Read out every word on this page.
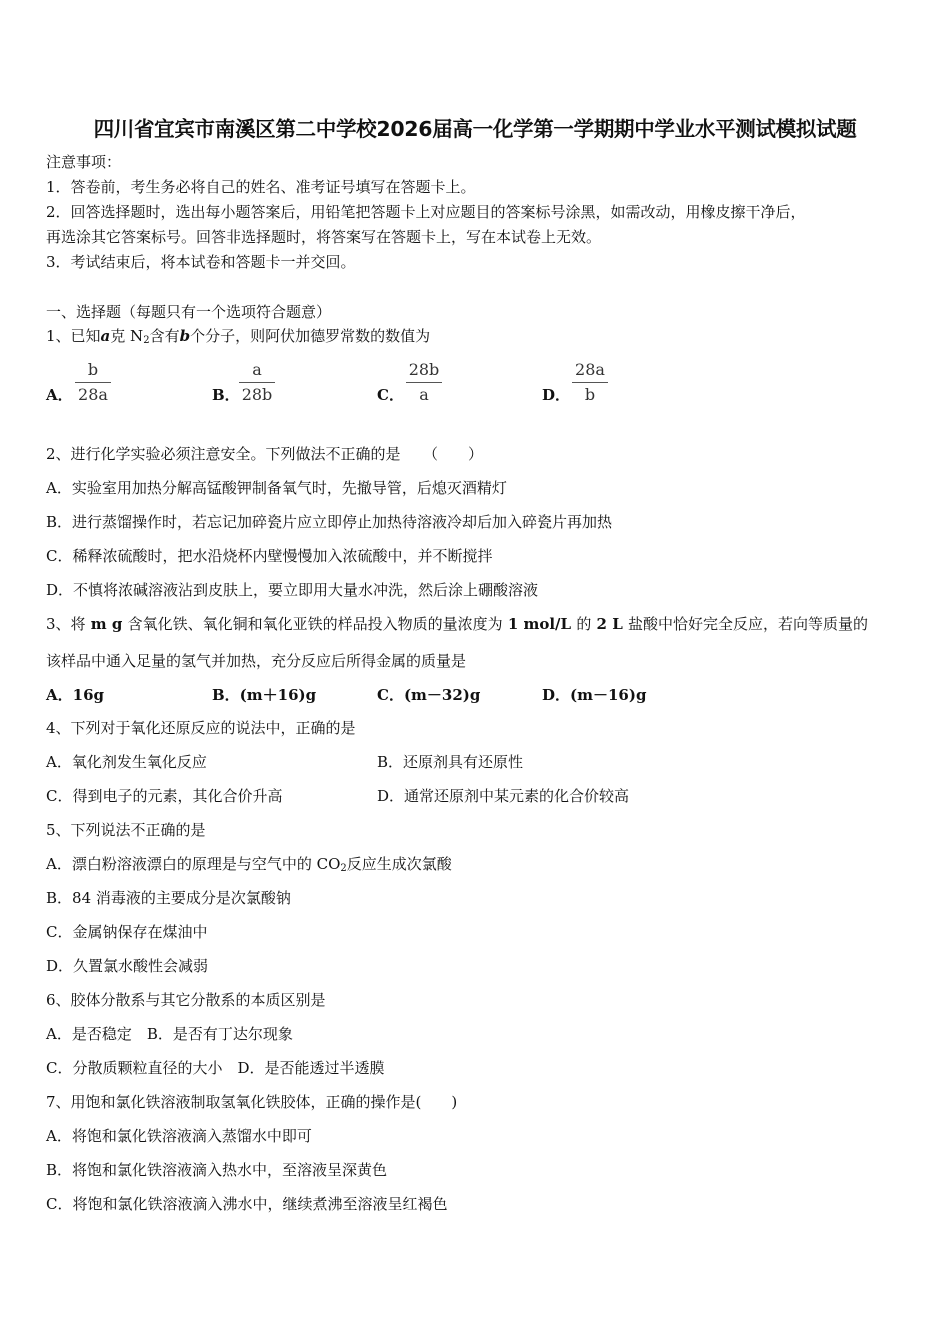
四川省宜宾市南溪区第二中学校2026届高一化学第一学期期中学业水平测试模拟试题
注意事项：
1．答卷前，考生务必将自己的姓名、准考证号填写在答题卡上。
2．回答选择题时，选出每小题答案后，用铅笔把答题卡上对应题目的答案标号涂黑，如需改动，用橡皮擦干净后，
再选涂其它答案标号。回答非选择题时，将答案写在答题卡上，写在本试卷上无效。
3．考试结束后，将本试卷和答题卡一并交回。
一、选择题（每题只有一个选项符合题意）
1、已知a克 $N_2$含有b个分子，则阿伏加德罗常数的数值为
A．
b
28a	B．
a
28b	C．
28b
a	D．
28a
b
2、进行化学实验必须注意安全。下列做法不正确的是　　（　　）
A．实验室用加热分解高锰酸钾制备氧气时，先撤导管，后熄灭酒精灯
B．进行蒸馏操作时，若忘记加碎瓷片应立即停止加热待溶液冷却后加入碎瓷片再加热
C．稀释浓硫酸时，把水沿烧杯内壁慢慢加入浓硫酸中，并不断搅拌
D．不慎将浓碱溶液沾到皮肤上，要立即用大量水冲洗，然后涂上硼酸溶液
3、将 m g 含氧化铁、氧化铜和氧化亚铁的样品投入物质的量浓度为 1 mol/L 的 2 L 盐酸中恰好完全反应，若向等质量的
该样品中通入足量的氢气并加热，充分反应后所得金属的质量是
A．16g	B．(m＋16)g	C．(m－32)g	D．(m－16)g
4、下列对于氧化还原反应的说法中，正确的是
A．氧化剂发生氧化反应	B．还原剂具有还原性
C．得到电子的元素，其化合价升高	D．通常还原剂中某元素的化合价较高
5、下列说法不正确的是
A．漂白粉溶液漂白的原理是与空气中的 $CO_2$反应生成次氯酸
B．84 消毒液的主要成分是次氯酸钠
C．金属钠保存在煤油中
D．久置氯水酸性会减弱
6、胶体分散系与其它分散系的本质区别是
A．是否稳定　B．是否有丁达尔现象
C．分散质颗粒直径的大小　D．是否能透过半透膜
7、用饱和氯化铁溶液制取氢氧化铁胶体，正确的操作是(　　)
A．将饱和氯化铁溶液滴入蒸馏水中即可
B．将饱和氯化铁溶液滴入热水中，至溶液呈深黄色
C．将饱和氯化铁溶液滴入沸水中，继续煮沸至溶液呈红褐色
